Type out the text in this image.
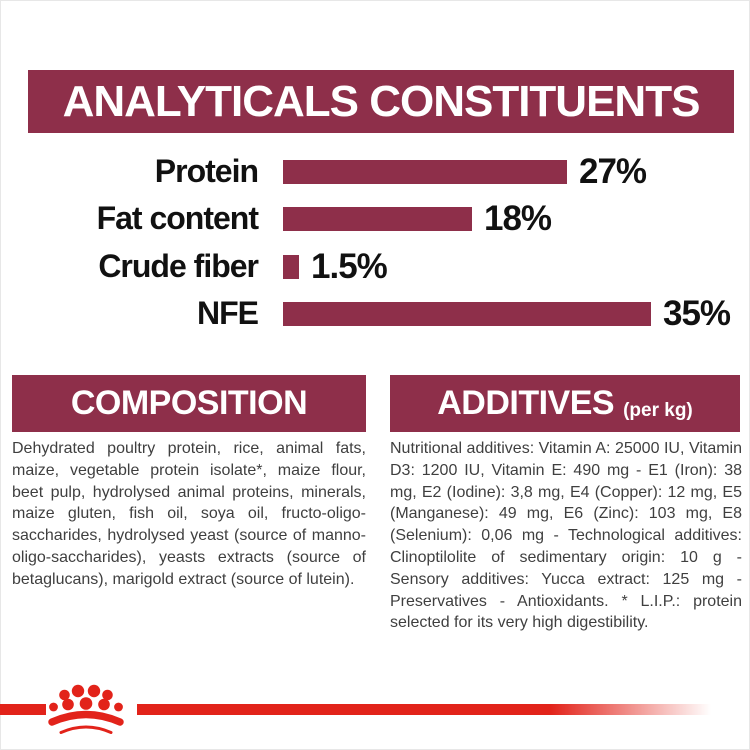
ANALYTICALS CONSTITUENTS
Protein	27%
Fat content	18%
Crude fiber 1.5%
NFE	35%
COMPOSITION	ADDITIVES (per kg)

Dehydrated poultry protein, rice, animal fats, maize, vegetable protein isolate*, maize flour, beet pulp, hydrolysed animal proteins, minerals, maize gluten, fish oil, soya oil, fructo-oligo-saccharides, hydrolysed yeast (source of manno-oligo-saccharides), yeasts extracts (source of betaglucans), marigold extract (source of lutein).

Nutritional additives: Vitamin A: 25000 IU, Vitamin D3: 1200 IU, Vitamin E: 490 mg - E1 (Iron): 38 mg, E2 (Iodine): 3,8 mg, E4 (Copper): 12 mg, E5 (Manganese): 49 mg, E6 (Zinc): 103 mg, E8 (Selenium): 0,06 mg - Technological additives: Clinoptilolite of sedimentary origin: 10 g - Sensory additives: Yucca extract: 125 mg - Preservatives - Antioxidants. * L.I.P.: protein selected for its very high digestibility.
